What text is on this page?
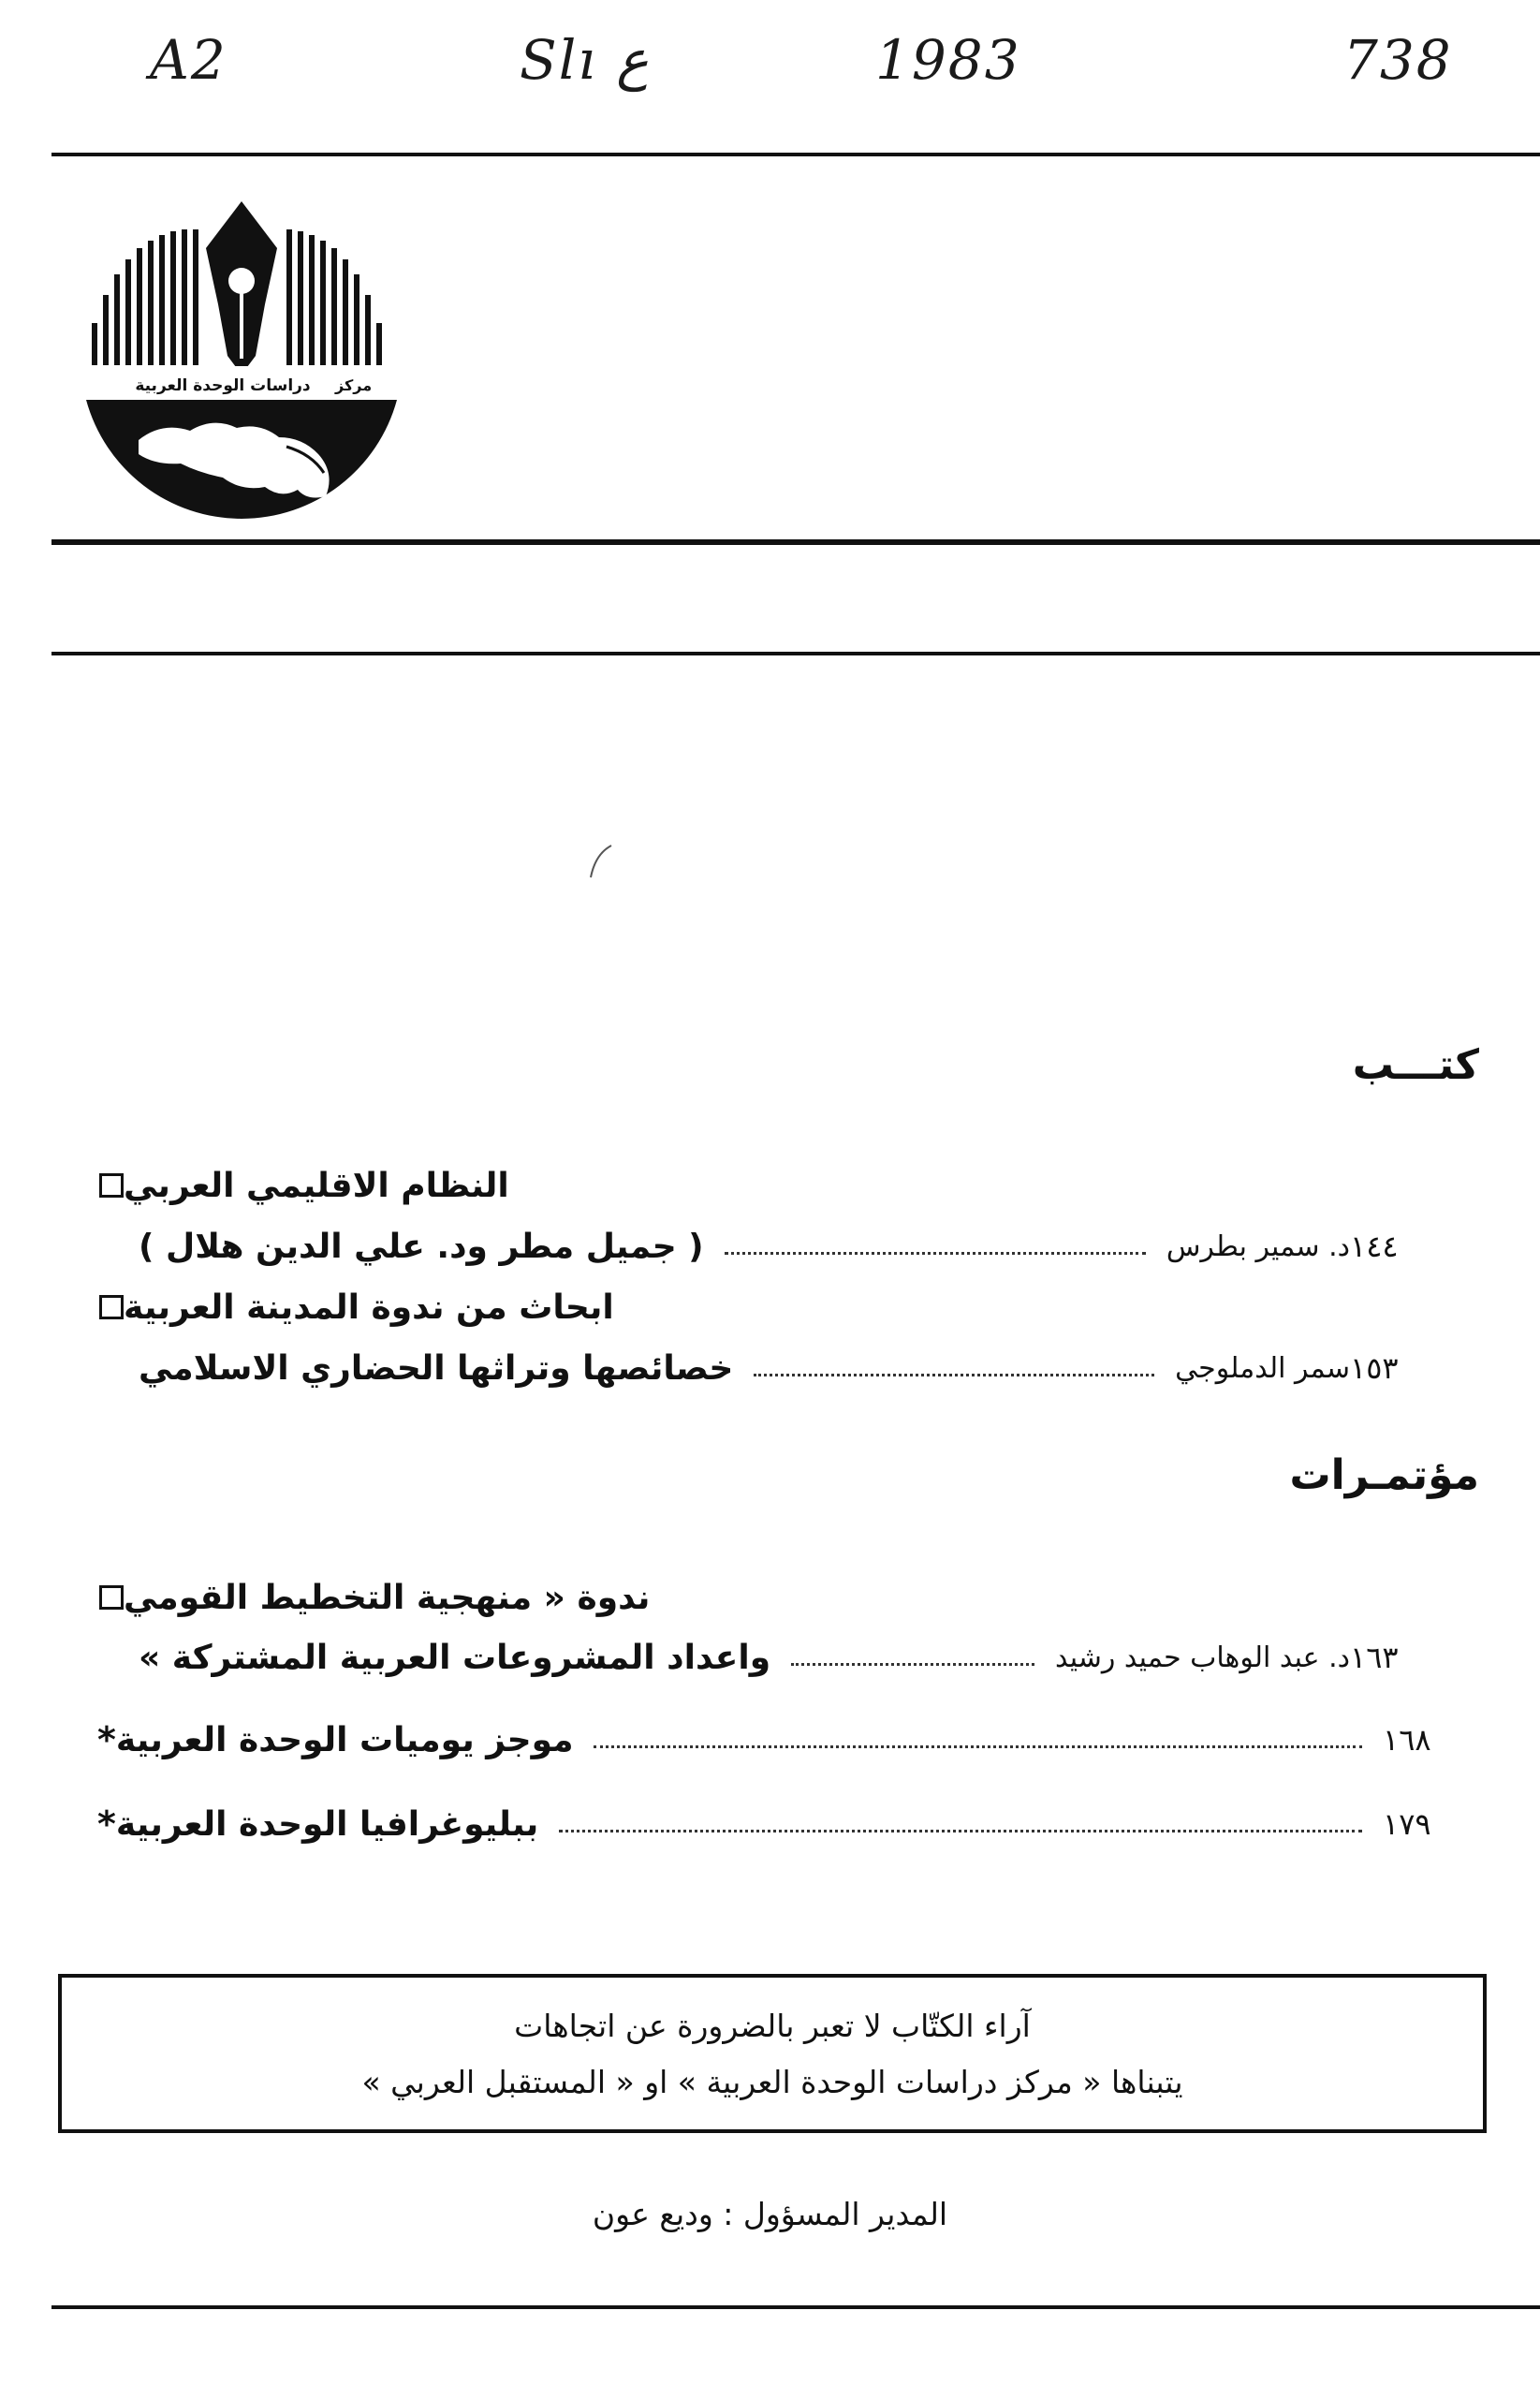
A2	Slı ع	1983	738
مركز
دراسات الوحدة العربية
كتـــب
النظام الاقليمي العربي
( جميل مطر ود. علي الدين هلال )	د. سمير بطرس ١٤٤
ابحاث من ندوة المدينة العربية
خصائصها وتراثها الحضاري الاسلامي	سمر الدملوجي ١٥٣
مؤتمـرات
ندوة « منهجية التخطيط القومي
واعداد المشروعات العربية المشتركة »	د. عبد الوهاب حميد رشيد ١٦٣
* موجز يوميات الوحدة العربية	١٦٨
* ببليوغرافيا الوحدة العربية	١٧٩
آراء الكتّاب لا تعبر بالضرورة عن اتجاهات
يتبناها « مركز دراسات الوحدة العربية » او « المستقبل العربي »
المدير المسؤول : وديع عون
